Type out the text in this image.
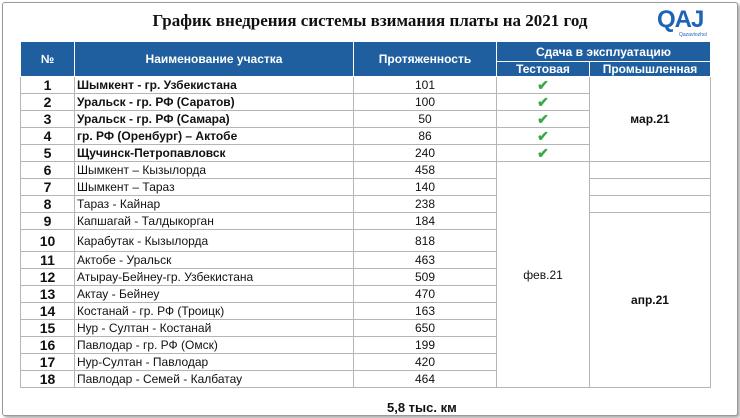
График внедрения системы взимания платы на 2021 год	QAJ
Qazavtozhol
№	Наименование участка	Протяженность	Сдача в эксплуатацию	
			Тестовая	Промышленная
1	Шымкент - гр. Узбекистана	101	✔	мар.21
2	Уральск - гр. РФ (Саратов)	100	✔	
3	Уральск - гр. РФ (Самара)	50	✔	
4	гр. РФ (Оренбург) – Актобе	86	✔	
5	Щучинск-Петропавловск	240	✔	
6	Шымкент – Кызылорда	458	фев.21	
7	Шымкент – Тараз	140		
8	Тараз - Кайнар	238		
9	Капшагай - Талдыкорган	184		апр.21
10	Карабутак - Кызылорда	818		
11	Актобе - Уральск	463		
12	Атырау-Бейнеу-гр. Узбекистана	509		
13	Актау - Бейнеу	470		
14	Костанай - гр. РФ (Троицк)	163		
15	Нур - Султан - Костанай	650		
16	Павлодар - гр. РФ (Омск)	199		
17	Нур-Султан - Павлодар	420		
18	Павлодар - Семей - Калбатау	464		
5,8 тыс. км
